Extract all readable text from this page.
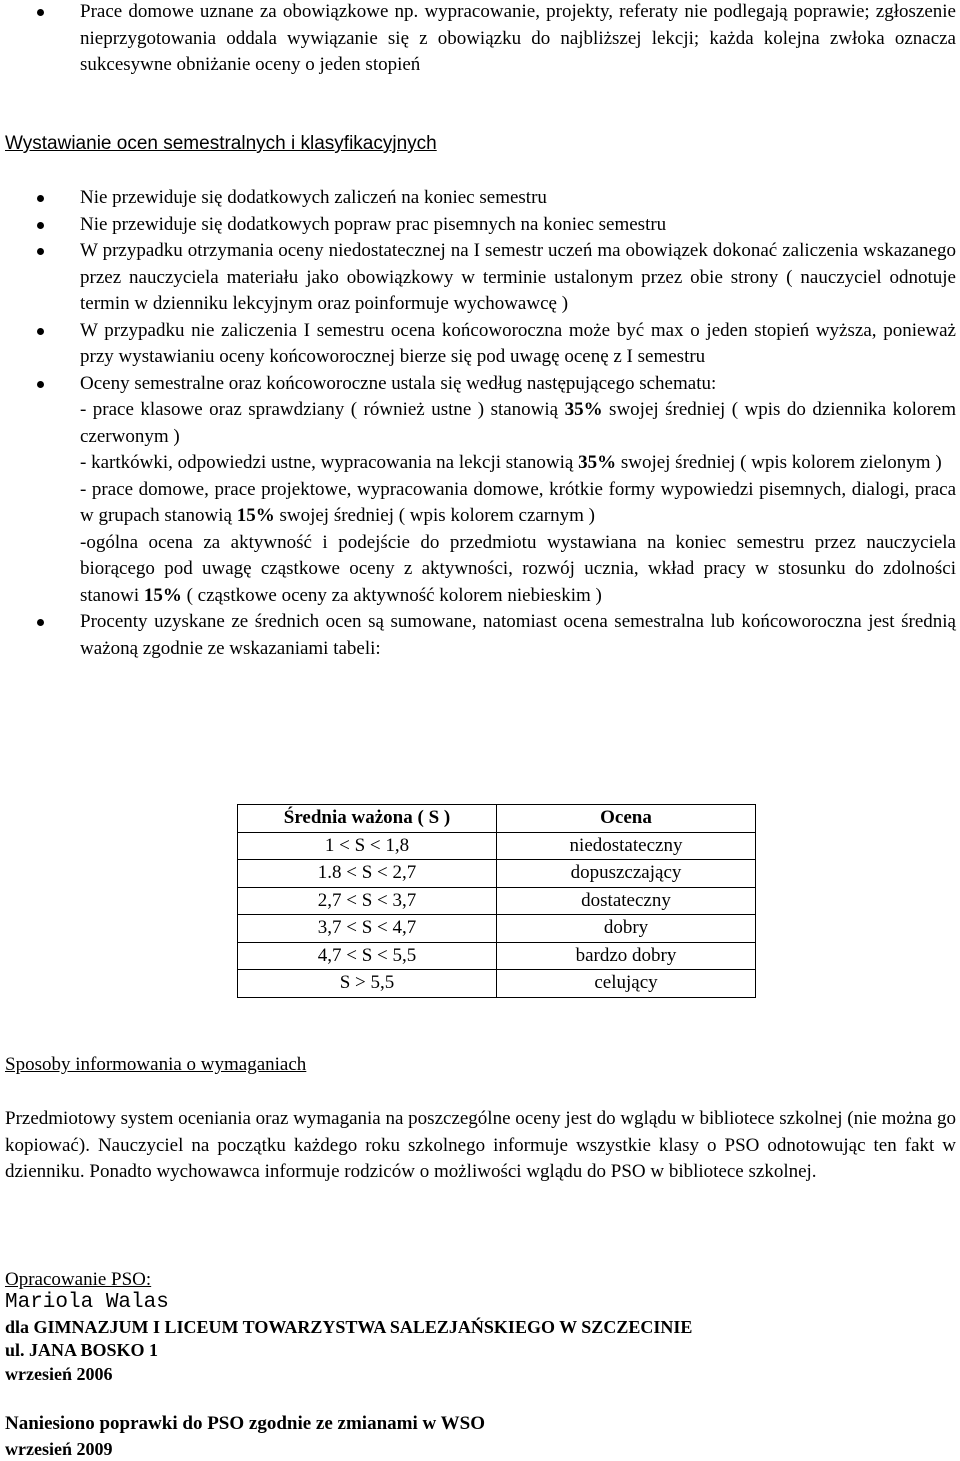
Prace domowe uznane za obowiązkowe np. wypracowanie, projekty, referaty nie podlegają poprawie; zgłoszenie nieprzygotowania oddala wywiązanie się z obowiązku do najbliższej lekcji; każda kolejna zwłoka oznacza sukcesywne obniżanie oceny o jeden stopień

Wystawianie ocen semestralnych i klasyfikacyjnych

Nie przewiduje się dodatkowych zaliczeń na koniec semestru
Nie przewiduje się dodatkowych popraw prac pisemnych na koniec semestru
W przypadku otrzymania oceny niedostatecznej na I semestr uczeń ma obowiązek dokonać zaliczenia wskazanego przez nauczyciela materiału jako obowiązkowy w terminie ustalonym przez obie strony ( nauczyciel odnotuje termin w dzienniku lekcyjnym oraz poinformuje wychowawcę )
W przypadku nie zaliczenia I semestru ocena końcoworoczna może być max o jeden stopień wyższa, ponieważ przy wystawianiu oceny końcoworocznej bierze się pod uwagę ocenę z I semestru
Oceny semestralne oraz końcoworoczne ustala się według następującego schematu:
- prace klasowe oraz sprawdziany ( również ustne ) stanowią 35% swojej średniej ( wpis do dziennika kolorem czerwonym )
- kartkówki, odpowiedzi ustne, wypracowania na lekcji stanowią 35% swojej średniej ( wpis kolorem zielonym )
- prace domowe, prace projektowe, wypracowania domowe, krótkie formy wypowiedzi pisemnych, dialogi, praca w grupach stanowią 15% swojej średniej ( wpis kolorem czarnym )
-ogólna ocena za aktywność i podejście do przedmiotu wystawiana na koniec semestru przez nauczyciela biorącego pod uwagę cząstkowe oceny z aktywności, rozwój ucznia, wkład pracy w stosunku do zdolności stanowi 15% ( cząstkowe oceny za aktywność kolorem niebieskim )
Procenty uzyskane ze średnich ocen są sumowane, natomiast ocena semestralna lub końcoworoczna jest średnią ważoną zgodnie ze wskazaniami tabeli:
Średnia ważona ( S )	Ocena
1 < S < 1,8	niedostateczny
1.8 < S < 2,7	dopuszczający
2,7 < S < 3,7	dostateczny
3,7 < S < 4,7	dobry
4,7 < S < 5,5	bardzo dobry
S > 5,5	celujący

Sposoby informowania o wymaganiach

Przedmiotowy system oceniania oraz wymagania na poszczególne oceny jest do wglądu w bibliotece szkolnej (nie można go kopiować). Nauczyciel na początku każdego roku szkolnego informuje wszystkie klasy o PSO odnotowując ten fakt w dzienniku. Ponadto wychowawca informuje rodziców o możliwości wglądu do PSO w bibliotece szkolnej.

Opracowanie PSO:
Mariola Walas
dla GIMNAZJUM I LICEUM TOWARZYSTWA SALEZJAŃSKIEGO W SZCZECINIE
ul. JANA BOSKO 1
wrzesień 2006
Naniesiono poprawki do PSO zgodnie ze zmianami w WSO
wrzesień 2009
